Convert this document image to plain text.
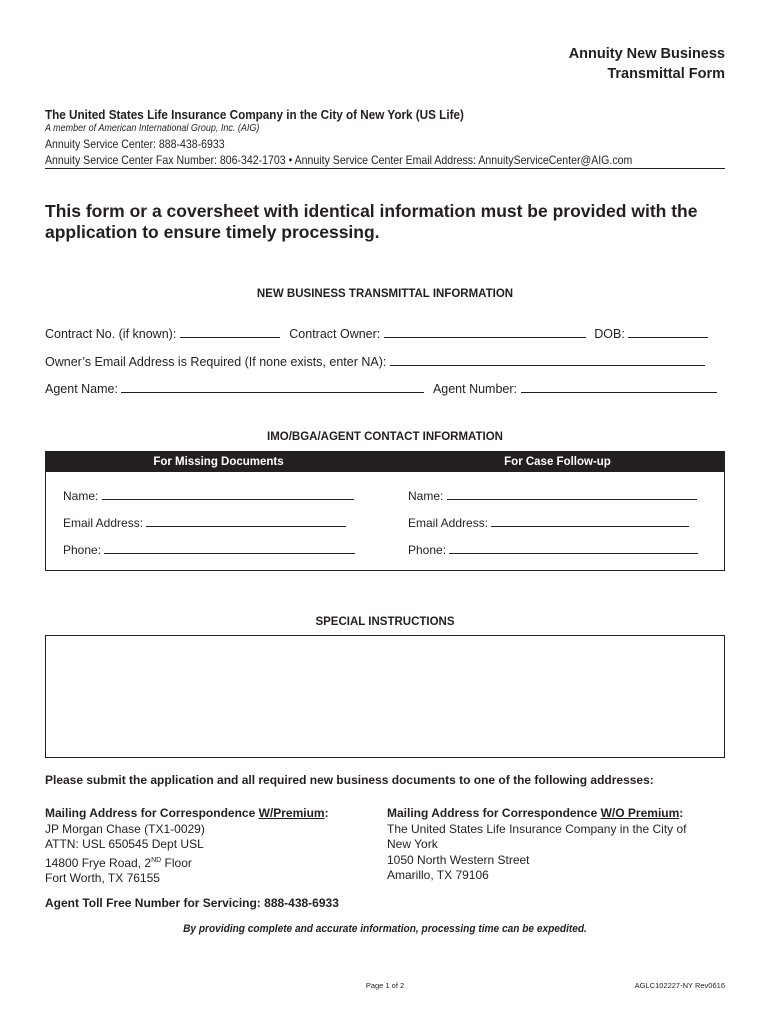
Annuity New Business
Transmittal Form
The United States Life Insurance Company in the City of New York (US Life)
A member of American International Group, Inc. (AIG)
Annuity Service Center: 888-438-6933
Annuity Service Center Fax Number: 806-342-1703 • Annuity Service Center Email Address: AnnuityServiceCenter@AIG.com
This form or a coversheet with identical information must be provided with the application to ensure timely processing.
NEW BUSINESS TRANSMITTAL INFORMATION
Contract No. (if known):	Contract Owner:	DOB:
Owner’s Email Address is Required (If none exists, enter NA):
Agent Name:	Agent Number:
IMO/BGA/AGENT CONTACT INFORMATION
For Missing Documents	For Case Follow-up
Name:
Email Address:
Phone:
Name:
Email Address:
Phone:
SPECIAL INSTRUCTIONS
Please submit the application and all required new business documents to one of the following addresses:
Mailing Address for Correspondence W/Premium:
JP Morgan Chase (TX1-0029)
ATTN: USL 650545 Dept USL
14800 Frye Road, 2ND Floor
Fort Worth, TX 76155
Mailing Address for Correspondence W/O Premium:
The United States Life Insurance Company in the City of
New York
1050 North Western Street
Amarillo, TX 79106
Agent Toll Free Number for Servicing: 888-438-6933
By providing complete and accurate information, processing time can be expedited.
Page 1 of 2	AGLC102227-NY Rev0616
